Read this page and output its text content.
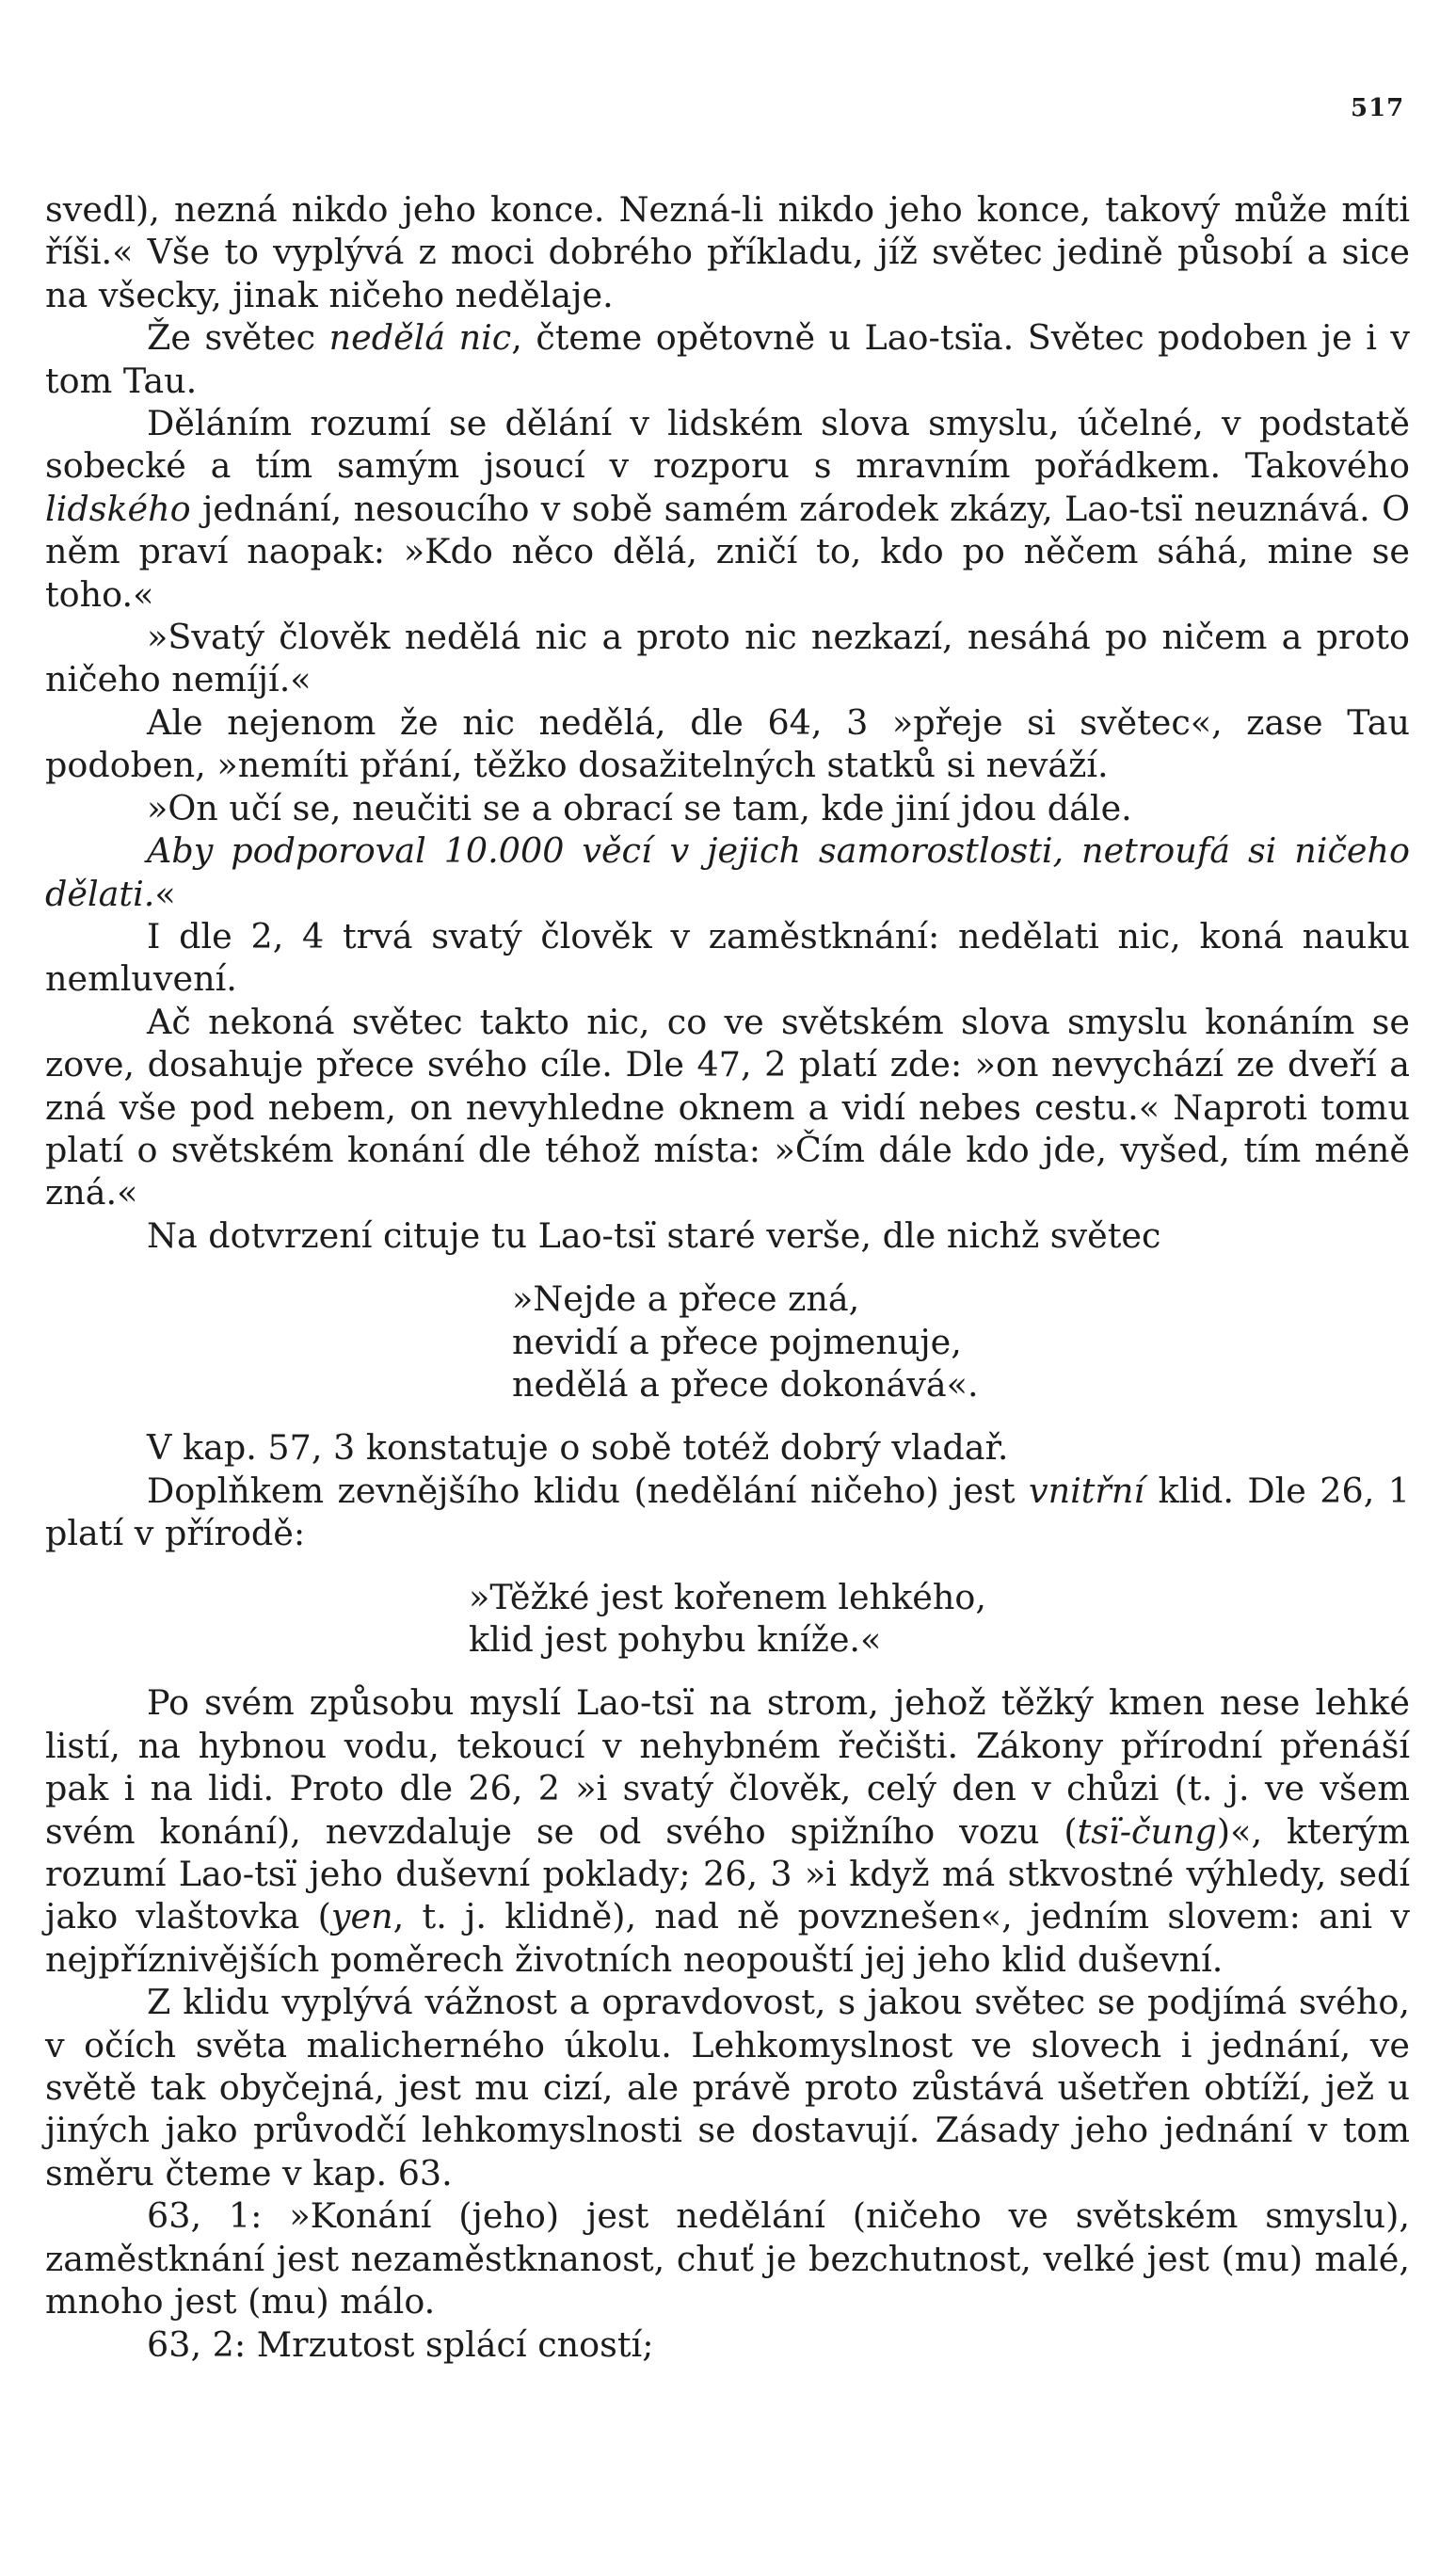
517

svedl), nezná nikdo jeho konce. Nezná-li nikdo jeho konce, takový může míti říši.« Vše to vyplývá z moci dobrého příkladu, jíž světec jedině působí a sice na všecky, jinak ničeho nedělaje.

Že světec nedělá nic, čteme opětovně u Lao-tsïa. Světec podoben je i v tom Tau.

Děláním rozumí se dělání v lidském slova smyslu, účelné, v podstatě sobecké a tím samým jsoucí v rozporu s mravním pořádkem. Takového lidského jednání, nesoucího v sobě samém zárodek zkázy, Lao-tsï neuznává. O něm praví naopak: »Kdo něco dělá, zničí to, kdo po něčem sáhá, mine se toho.«

»Svatý člověk nedělá nic a proto nic nezkazí, nesáhá po ničem a proto ničeho nemíjí.«

Ale nejenom že nic nedělá, dle 64, 3 »přeje si světec«, zase Tau podoben, »nemíti přání, těžko dosažitelných statků si neváží.

»On učí se, neučiti se a obrací se tam, kde jiní jdou dále.

Aby podporoval 10.000 věcí v jejich samorostlosti, netroufá si ničeho dělati.«

I dle 2, 4 trvá svatý člověk v zaměstknání: nedělati nic, koná nauku nemluvení.

Ač nekoná světec takto nic, co ve světském slova smyslu konáním se zove, dosahuje přece svého cíle. Dle 47, 2 platí zde: »on nevychází ze dveří a zná vše pod nebem, on nevyhledne oknem a vidí nebes cestu.« Naproti tomu platí o světském konání dle téhož místa: »Čím dále kdo jde, vyšed, tím méně zná.«

Na dotvrzení cituje tu Lao-tsï staré verše, dle nichž světec

»Nejde a přece zná,
nevidí a přece pojmenuje,
nedělá a přece dokonává«.

V kap. 57, 3 konstatuje o sobě totéž dobrý vladař.

Doplňkem zevnějšího klidu (nedělání ničeho) jest vnitřní klid. Dle 26, 1 platí v přírodě:

»Těžké jest kořenem lehkého,
klid jest pohybu kníže.«

Po svém způsobu myslí Lao-tsï na strom, jehož těžký kmen nese lehké listí, na hybnou vodu, tekoucí v nehybném řečišti. Zákony přírodní přenáší pak i na lidi. Proto dle 26, 2 »i svatý člověk, celý den v chůzi (t. j. ve všem svém konání), nevzdaluje se od svého spižního vozu (tsï-čung)«, kterým rozumí Lao-tsï jeho duševní poklady; 26, 3 »i když má stkvostné výhledy, sedí jako vlaštovka (yen, t. j. klidně), nad ně povznešen«, jedním slovem: ani v nejpříznivějších poměrech životních neopouští jej jeho klid duševní.

Z klidu vyplývá vážnost a opravdovost, s jakou světec se podjímá svého, v očích světa malicherného úkolu. Lehkomyslnost ve slovech i jednání, ve světě tak obyčejná, jest mu cizí, ale právě proto zůstává ušetřen obtíží, jež u jiných jako průvodčí lehkomyslnosti se dostavují. Zásady jeho jednání v tom směru čteme v kap. 63.

63, 1: »Konání (jeho) jest nedělání (ničeho ve světském smyslu), zaměstknání jest nezaměstknanost, chuť je bezchutnost, velké jest (mu) malé, mnoho jest (mu) málo.

63, 2: Mrzutost splácí cností;
